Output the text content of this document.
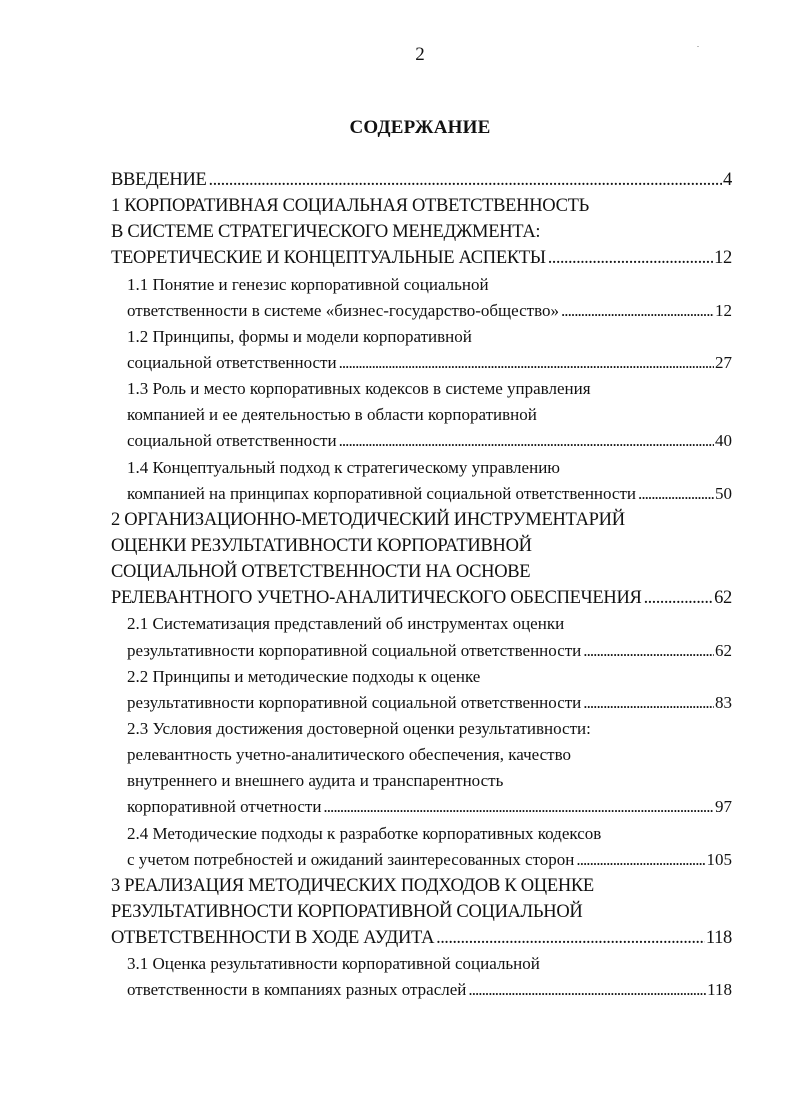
2	.
СОДЕРЖАНИЕ
ВВЕДЕНИЕ . . .	4
1 КОРПОРАТИВНАЯ СОЦИАЛЬНАЯ ОТВЕТСТВЕННОСТЬ
В СИСТЕМЕ СТРАТЕГИЧЕСКОГО МЕНЕДЖМЕНТА:
ТЕОРЕТИЧЕСКИЕ И КОНЦЕПТУАЛЬНЫЕ АСПЕКТЫ . . .	12
1.1 Понятие и генезис корпоративной социальной
ответственности в системе «бизнес-государство-общество» . . .	12
1.2 Принципы, формы и модели корпоративной
социальной ответственности . . .	27
1.3 Роль и место корпоративных кодексов в системе управления
компанией и ее деятельностью в области корпоративной
социальной ответственности . . .	40
1.4 Концептуальный подход к стратегическому управлению
компанией на принципах корпоративной социальной ответственности . . .	50
2 ОРГАНИЗАЦИОННО-МЕТОДИЧЕСКИЙ ИНСТРУМЕНТАРИЙ
ОЦЕНКИ РЕЗУЛЬТАТИВНОСТИ КОРПОРАТИВНОЙ
СОЦИАЛЬНОЙ ОТВЕТСТВЕННОСТИ НА ОСНОВЕ
РЕЛЕВАНТНОГО УЧЕТНО-АНАЛИТИЧЕСКОГО ОБЕСПЕЧЕНИЯ . . .	62
2.1 Систематизация представлений об инструментах оценки
результативности корпоративной социальной ответственности . . .	62
2.2 Принципы и методические подходы к оценке
результативности корпоративной социальной ответственности . . .	83
2.3 Условия достижения достоверной оценки результативности:
релевантность учетно-аналитического обеспечения, качество
внутреннего и внешнего аудита и транспарентность
корпоративной отчетности . . .	97
2.4 Методические подходы к разработке корпоративных кодексов
с учетом потребностей и ожиданий заинтересованных сторон . . .	105
3 РЕАЛИЗАЦИЯ МЕТОДИЧЕСКИХ ПОДХОДОВ К ОЦЕНКЕ
РЕЗУЛЬТАТИВНОСТИ КОРПОРАТИВНОЙ СОЦИАЛЬНОЙ
ОТВЕТСТВЕННОСТИ В ХОДЕ АУДИТА . . .	118
3.1 Оценка результативности корпоративной социальной
ответственности в компаниях разных отраслей . . .	118
